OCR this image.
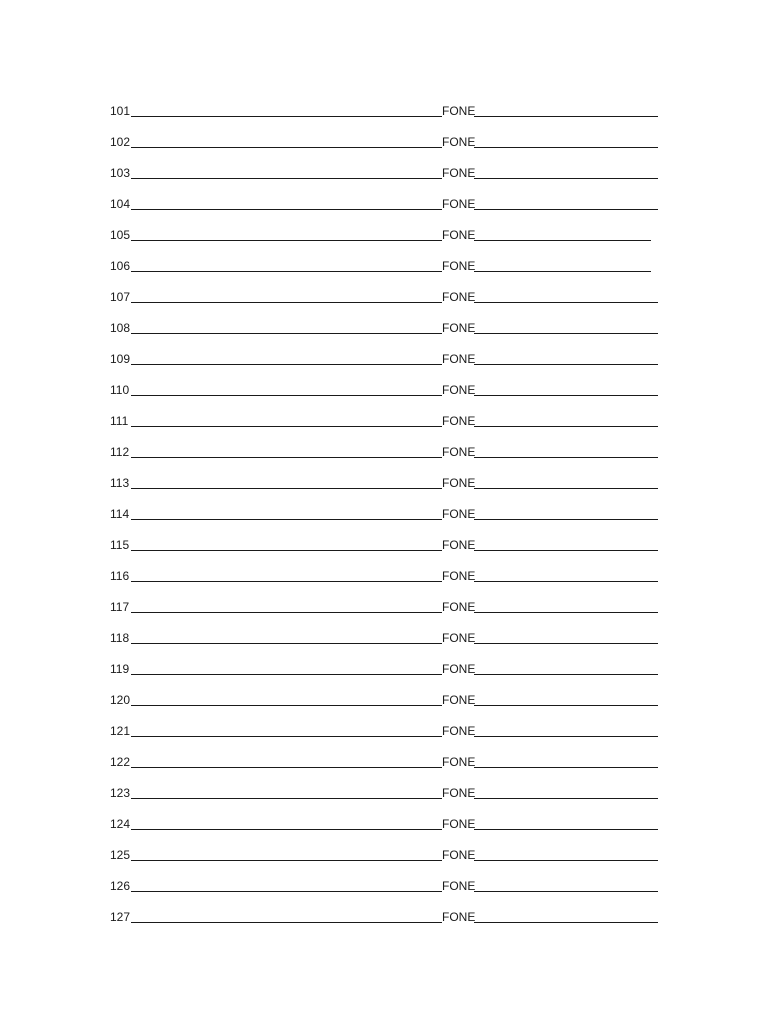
101	FONE
102	FONE
103	FONE
104	FONE
105	FONE
106	FONE
107	FONE
108	FONE
109	FONE
110	FONE
111	FONE
112	FONE
113	FONE
114	FONE
115	FONE
116	FONE
117	FONE
118	FONE
119	FONE
120	FONE
121	FONE
122	FONE
123	FONE
124	FONE
125	FONE
126	FONE
127	FONE
